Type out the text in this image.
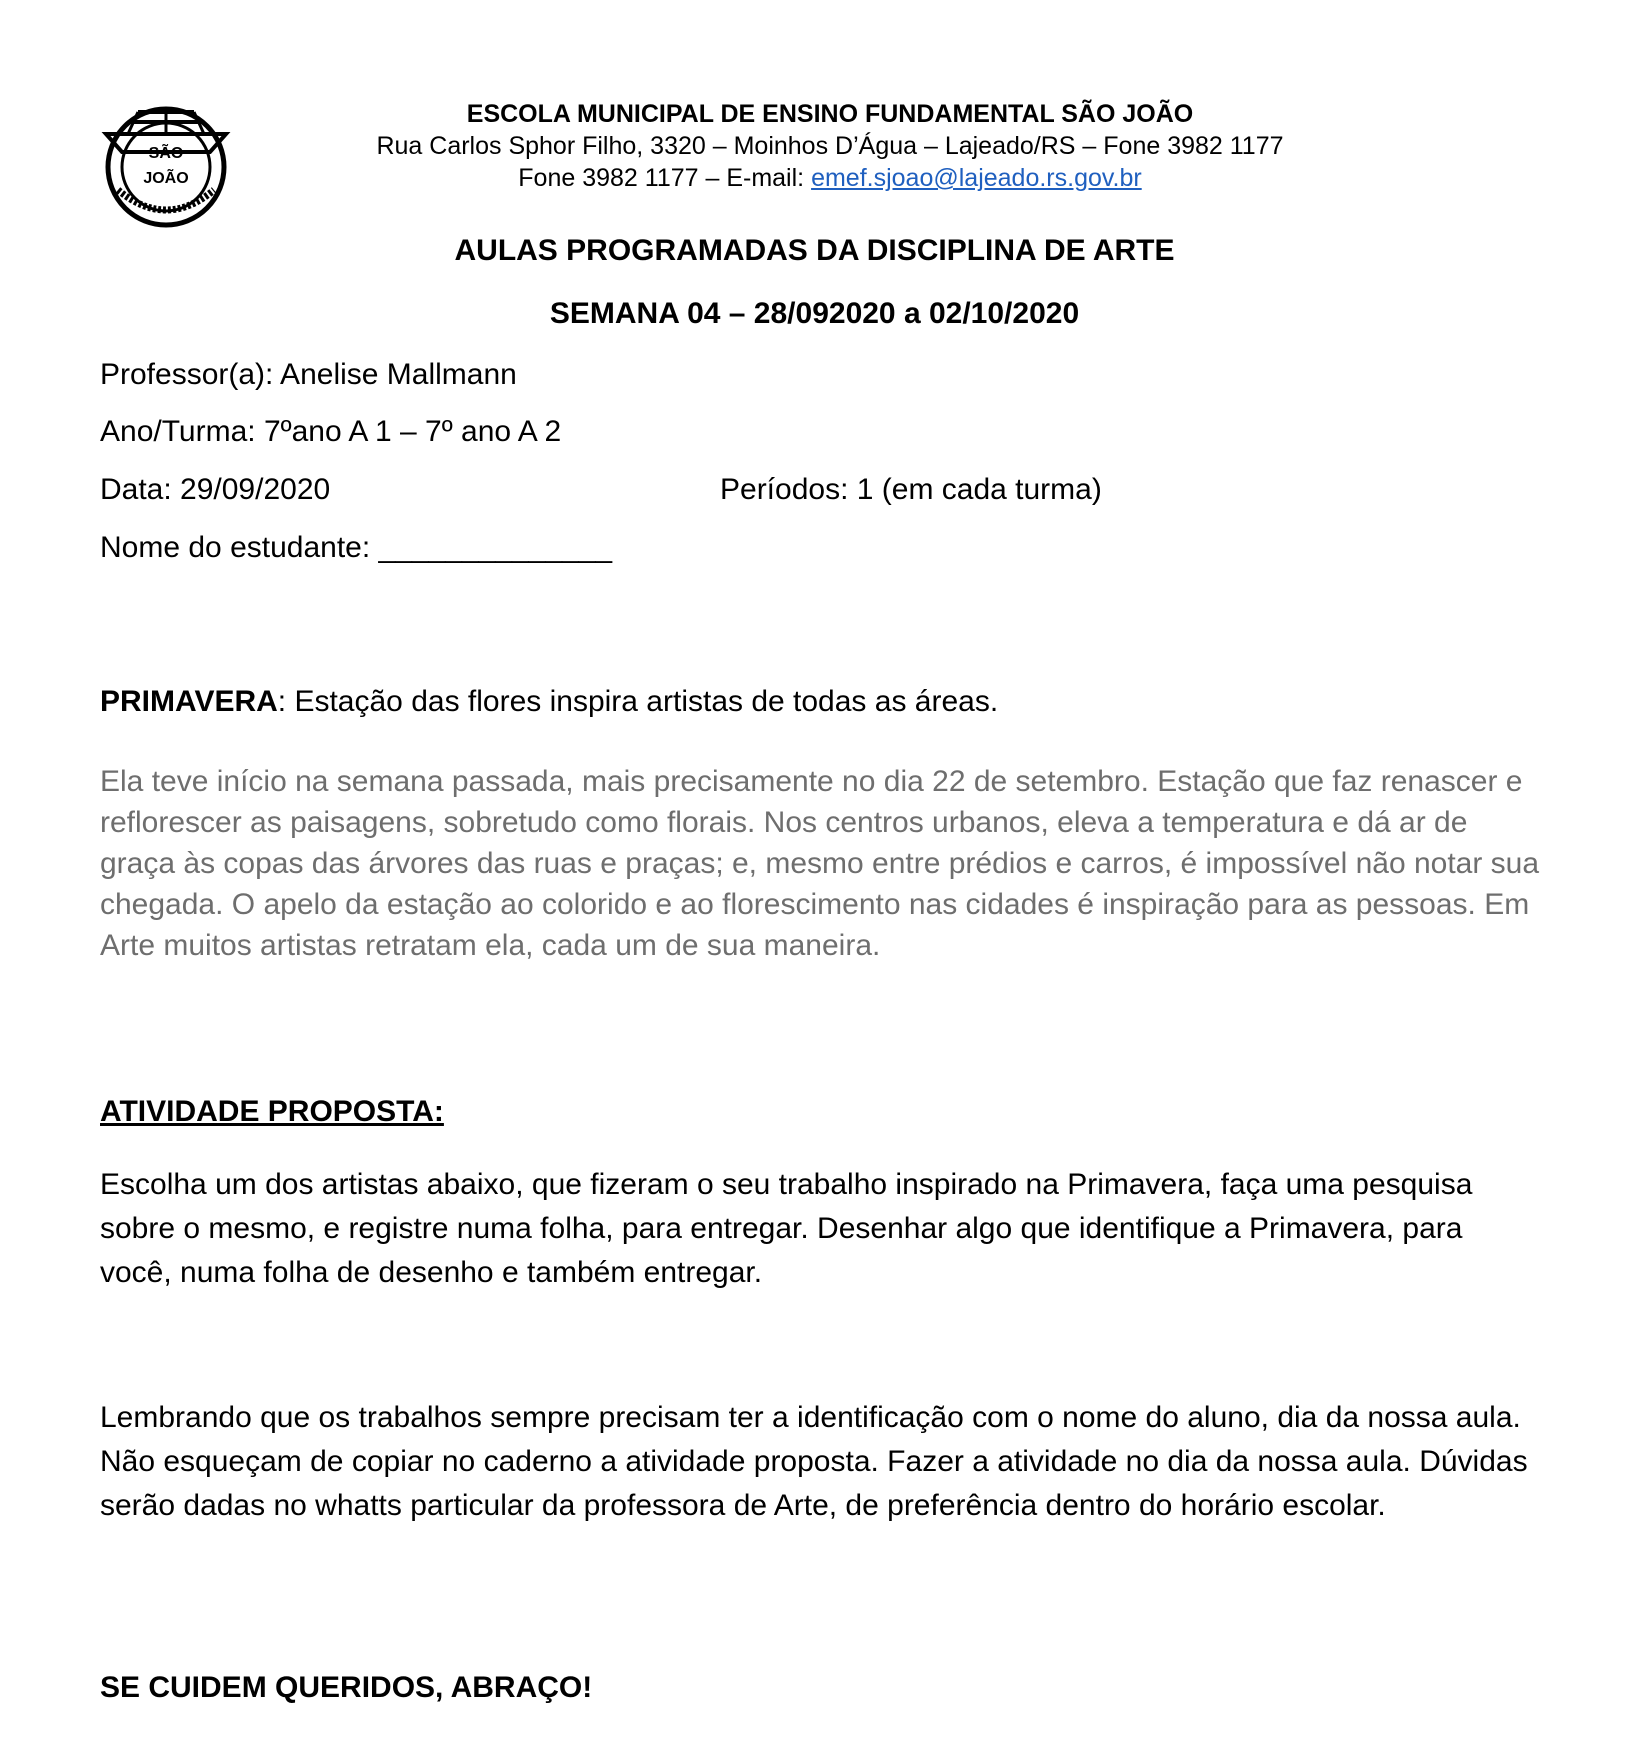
SÃO
JOÃO
ESCOLA MUNICIPAL DE ENSINO FUNDAMENTAL SÃO JOÃO
Rua Carlos Sphor Filho, 3320 – Moinhos D’Água – Lajeado/RS – Fone 3982 1177
Fone 3982 1177 – E-mail: emef.sjoao@lajeado.rs.gov.br
AULAS PROGRAMADAS DA DISCIPLINA DE ARTE
SEMANA 04 – 28/092020 a 02/10/2020
Professor(a): Anelise Mallmann
Ano/Turma: 7ºano A 1 – 7º ano A 2
Data: 29/09/2020	Períodos: 1 (em cada turma)
Nome do estudante: ______________
PRIMAVERA: Estação das flores inspira artistas de todas as áreas.
Ela teve início na semana passada, mais precisamente no dia 22 de setembro. Estação que faz renascer e reflorescer as paisagens, sobretudo como florais. Nos centros urbanos, eleva a temperatura e dá ar de graça às copas das árvores das ruas e praças; e, mesmo entre prédios e carros, é impossível não notar sua chegada. O apelo da estação ao colorido e ao florescimento nas cidades é inspiração para as pessoas. Em Arte muitos artistas retratam ela, cada um de sua maneira.
ATIVIDADE PROPOSTA:
Escolha um dos artistas abaixo, que fizeram o seu trabalho inspirado na Primavera, faça uma pesquisa sobre o mesmo, e registre numa folha, para entregar. Desenhar algo que identifique a Primavera, para você, numa folha de desenho e também entregar.
Lembrando que os trabalhos sempre precisam ter a identificação com o nome do aluno, dia da nossa aula. Não esqueçam de copiar no caderno a atividade proposta. Fazer a atividade no dia da nossa aula. Dúvidas serão dadas no whatts particular da professora de Arte, de preferência dentro do horário escolar.
SE CUIDEM QUERIDOS, ABRAÇO!
